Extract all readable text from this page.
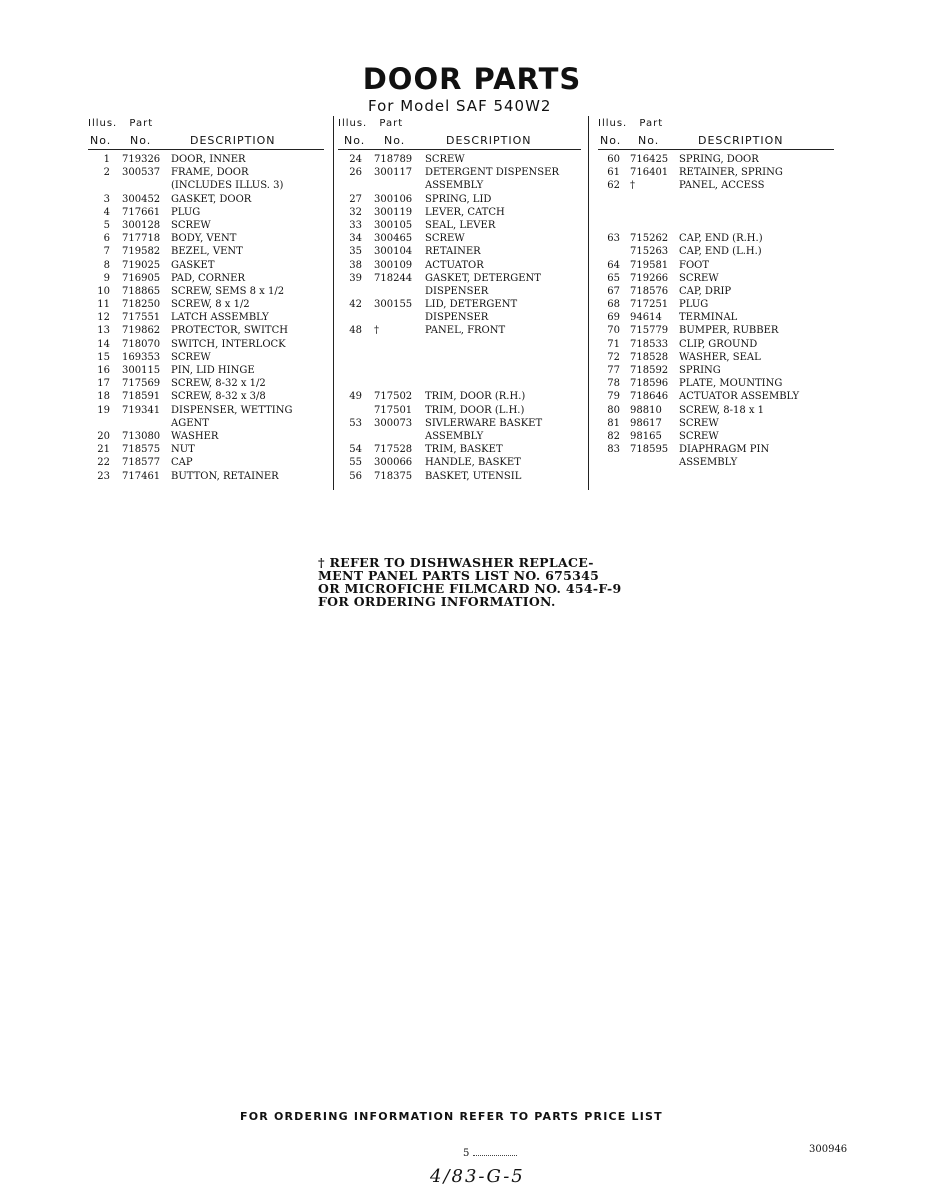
DOOR PARTS
For Model SAF 540W2
Illus. Part
No. No.	DESCRIPTION
1 719326 DOOR, INNER
2 300537 FRAME, DOOR
(INCLUDES ILLUS. 3)
3 300452 GASKET, DOOR
4 717661 PLUG
5 300128 SCREW
6 717718 BODY, VENT
7 719582 BEZEL, VENT
8 719025 GASKET
9 716905 PAD, CORNER
10 718865 SCREW, SEMS 8 x 1/2
11 718250 SCREW, 8 x 1/2
12 717551 LATCH ASSEMBLY
13 719862 PROTECTOR, SWITCH
14 718070 SWITCH, INTERLOCK
15 169353 SCREW
16 300115 PIN, LID HINGE
17 717569 SCREW, 8-32 x 1/2
18 718591 SCREW, 8-32 x 3/8
19 719341 DISPENSER, WETTING
AGENT
20 713080 WASHER
21 718575 NUT
22 718577 CAP
23 717461 BUTTON, RETAINER
Illus. Part
No. No.	DESCRIPTION
24 718789 SCREW
26 300117 DETERGENT DISPENSER
ASSEMBLY
27 300106 SPRING, LID
32 300119 LEVER, CATCH
33 300105 SEAL, LEVER
34 300465 SCREW
35 300104 RETAINER
38 300109 ACTUATOR
39 718244 GASKET, DETERGENT
DISPENSER
42 300155 LID, DETERGENT
DISPENSER
48 †	PANEL, FRONT
49 717502 TRIM, DOOR (R.H.)
717501 TRIM, DOOR (L.H.)
53 300073 SIVLERWARE BASKET
ASSEMBLY
54 717528 TRIM, BASKET
55 300066 HANDLE, BASKET
56 718375 BASKET, UTENSIL
Illus. Part
No. No.	DESCRIPTION
60 716425 SPRING, DOOR
61 716401 RETAINER, SPRING
62 †	PANEL, ACCESS
63 715262 CAP, END (R.H.)
715263 CAP, END (L.H.)
64 719581 FOOT
65 719266 SCREW
67 718576 CAP, DRIP
68 717251 PLUG
69 94614 TERMINAL
70 715779 BUMPER, RUBBER
71 718533 CLIP, GROUND
72 718528 WASHER, SEAL
77 718592 SPRING
78 718596 PLATE, MOUNTING
79 718646 ACTUATOR ASSEMBLY
80 98810 SCREW, 8-18 x 1
81 98617 SCREW
82 98165 SCREW
83 718595 DIAPHRAGM PIN
ASSEMBLY
† REFER TO DISHWASHER REPLACE-
MENT PANEL PARTS LIST NO. 675345
OR MICROFICHE FILMCARD NO. 454-F-9
FOR ORDERING INFORMATION.
FOR ORDERING INFORMATION REFER TO PARTS PRICE LIST
5	300946
4/83-G-5
